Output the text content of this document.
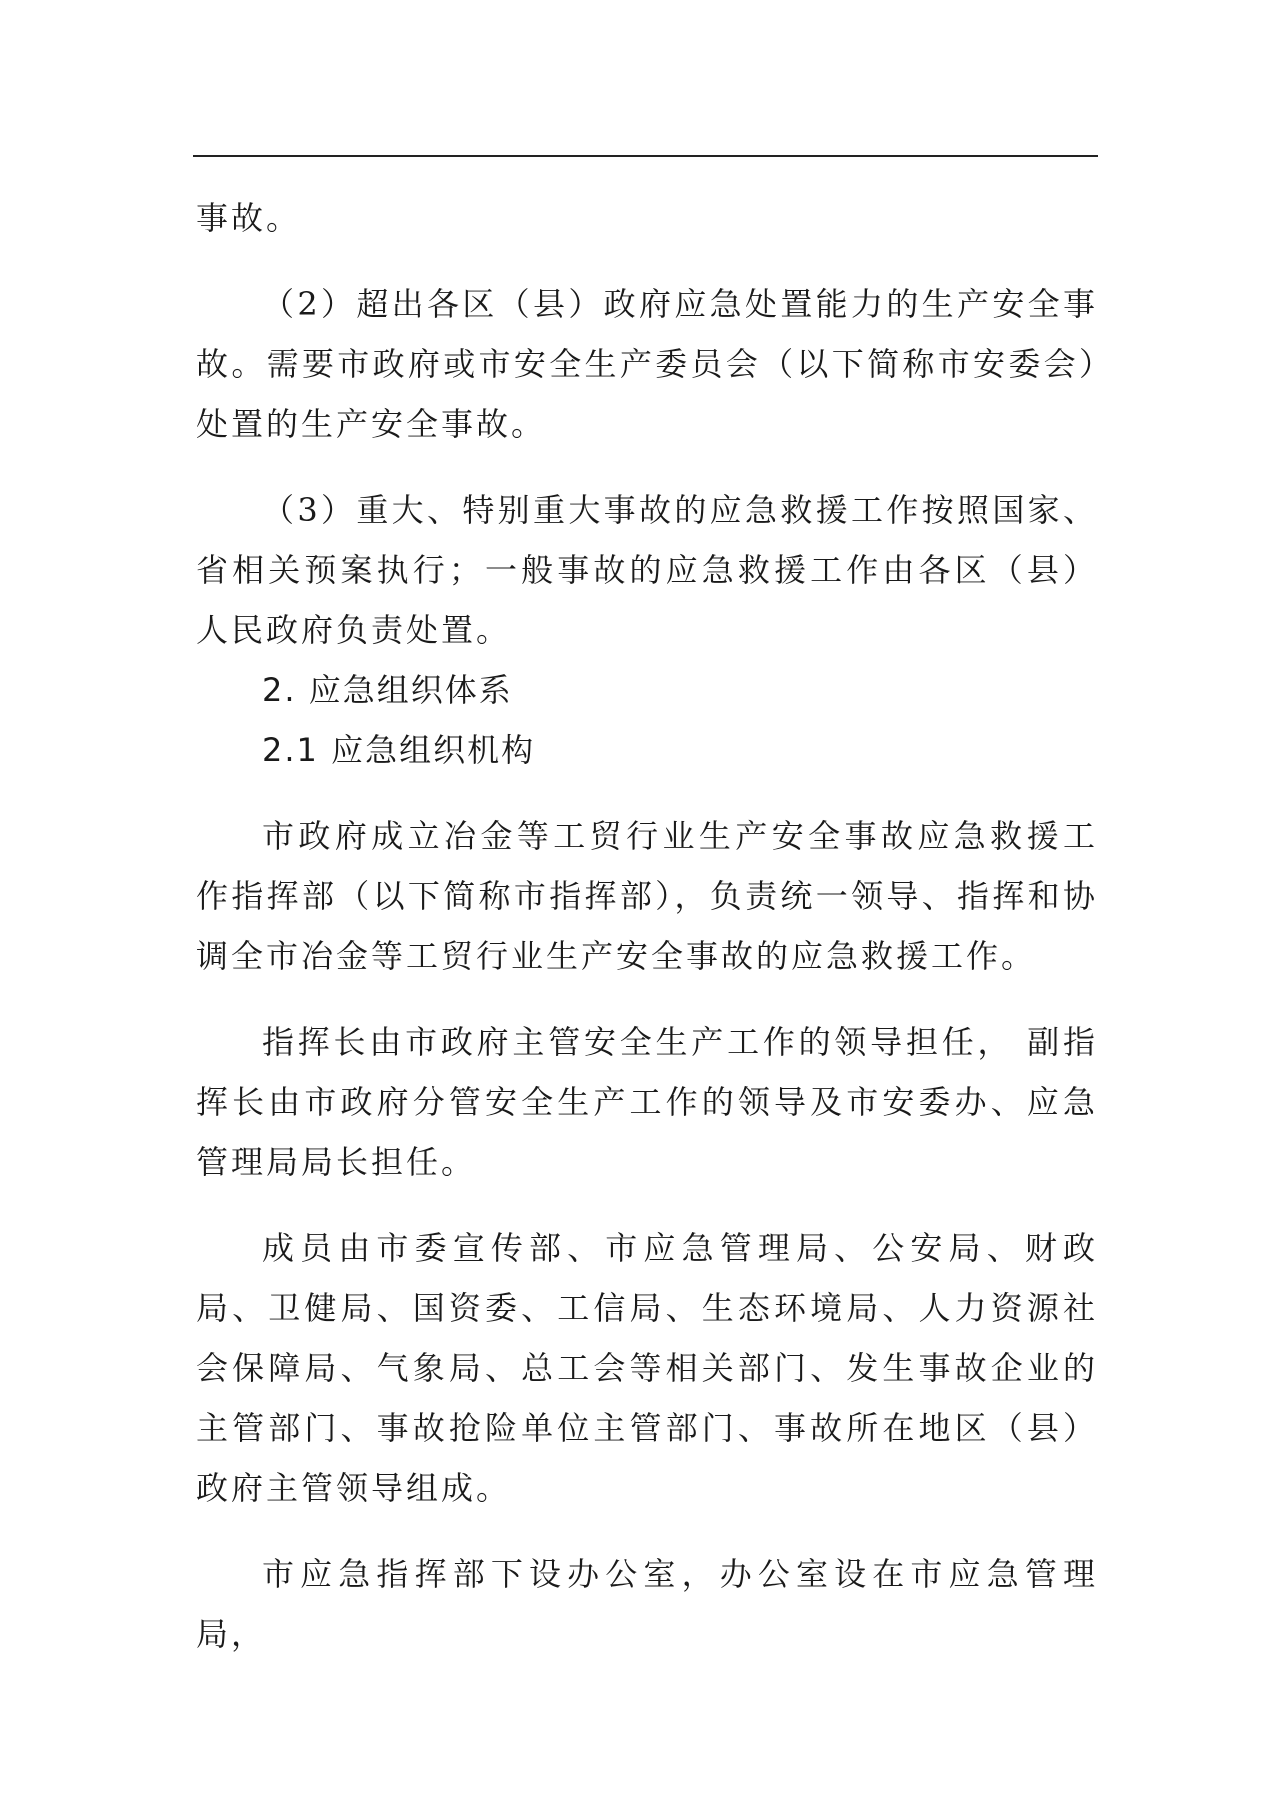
事故。

（2）超出各区（县）政府应急处置能力的生产安全事故。需要市政府或市安全生产委员会（以下简称市安委会）处置的生产安全事故。

（3）重大、特别重大事故的应急救援工作按照国家、省相关预案执行；一般事故的应急救援工作由各区（县）人民政府负责处置。

2. 应急组织体系

2.1 应急组织机构

市政府成立冶金等工贸行业生产安全事故应急救援工作指挥部（以下简称市指挥部），负责统一领导、指挥和协调全市冶金等工贸行业生产安全事故的应急救援工作。

指挥长由市政府主管安全生产工作的领导担任， 副指挥长由市政府分管安全生产工作的领导及市安委办、应急管理局局长担任。

成员由市委宣传部、市应急管理局、公安局、财政局、卫健局、国资委、工信局、生态环境局、人力资源社会保障局、气象局、总工会等相关部门、发生事故企业的主管部门、事故抢险单位主管部门、事故所在地区（县）政府主管领导组成。

市应急指挥部下设办公室，办公室设在市应急管理局，
